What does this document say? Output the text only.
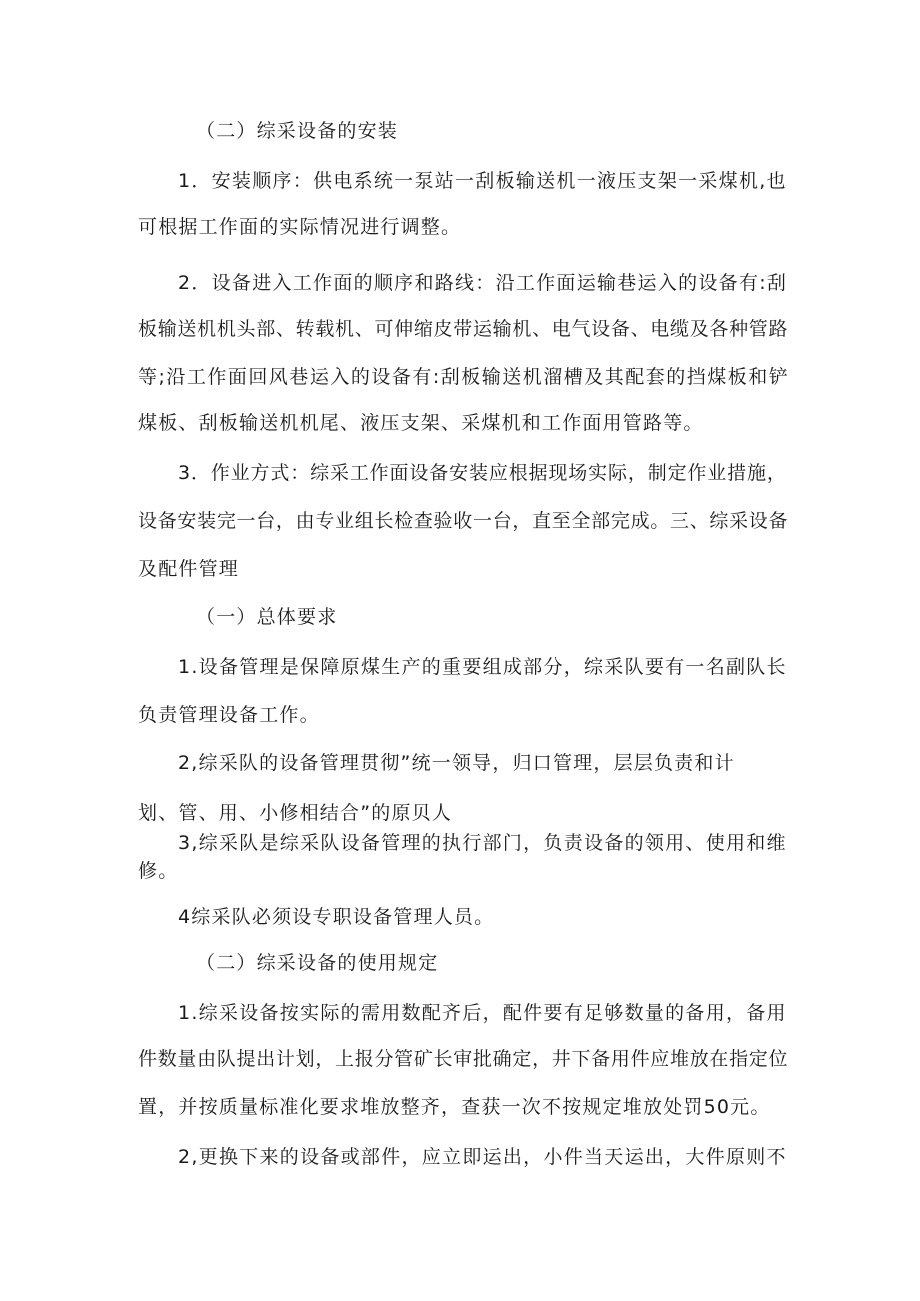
（二）综采设备的安装
1 ． 安 装 顺 序 ： 供 电 系 统 一 泵 站 一 刮 板 输 送 机 一 液 压 支 架 一 采 煤 机 , 也
可根据工作面的实际情况进行调整。
2 ． 设 备 进 入 工 作 面 的 顺 序 和 路 线 ： 沿 工 作 面 运 输 巷 运 入 的 设 备 有 : 刮
板 输 送 机 机 头 部 、 转 载 机 、 可 伸 缩 皮 带 运 输 机 、 电 气 设 备 、 电 缆 及 各 种 管 路
等 ; 沿 工 作 面 回 风 巷 运 入 的 设 备 有 : 刮 板 输 送 机 溜 槽 及 其 配 套 的 挡 煤 板 和 铲
煤板、刮板输送机机尾、液压支架、采煤机和工作面用管路等。
3 ． 作 业 方 式 ： 综 采 工 作 面 设 备 安 装 应 根 据 现 场 实 际 ， 制 定 作 业 措 施 ，
设 备 安 装 完 一 台 ， 由 专 业 组 长 检 查 验 收 一 台 ， 直 至 全 部 完 成 。 三 、 综 采 设 备
及配件管理
（一）总体要求
1 . 设 备 管 理 是 保 障 原 煤 生 产 的 重 要 组 成 部 分 ， 综 采 队 要 有 一 名 副 队 长
负责管理设备工作。
2,综采队的设备管理贯彻”统一领导，归口管理，层层负责和计
划、管、用、小修相结合”的原贝人
3 , 综 采 队 是 综 采 队 设 备 管 理 的 执 行 部 门 ， 负 责 设 备 的 领 用 、 使 用 和 维
修。
4综采队必须设专职设备管理人员。
（二）综采设备的使用规定
1 . 综 采 设 备 按 实 际 的 需 用 数 配 齐 后 ， 配 件 要 有 足 够 数 量 的 备 用 ， 备 用
件 数 量 由 队 提 出 计 划 ， 上 报 分 管 矿 长 审 批 确 定 ， 井 下 备 用 件 应 堆 放 在 指 定 位
置，并按质量标准化要求堆放整齐，查获一次不按规定堆放处罚50元。
2 , 更 换 下 来 的 设 备 或 部 件 ， 应 立 即 运 出 ， 小 件 当 天 运 出 ， 大 件 原 则 不
